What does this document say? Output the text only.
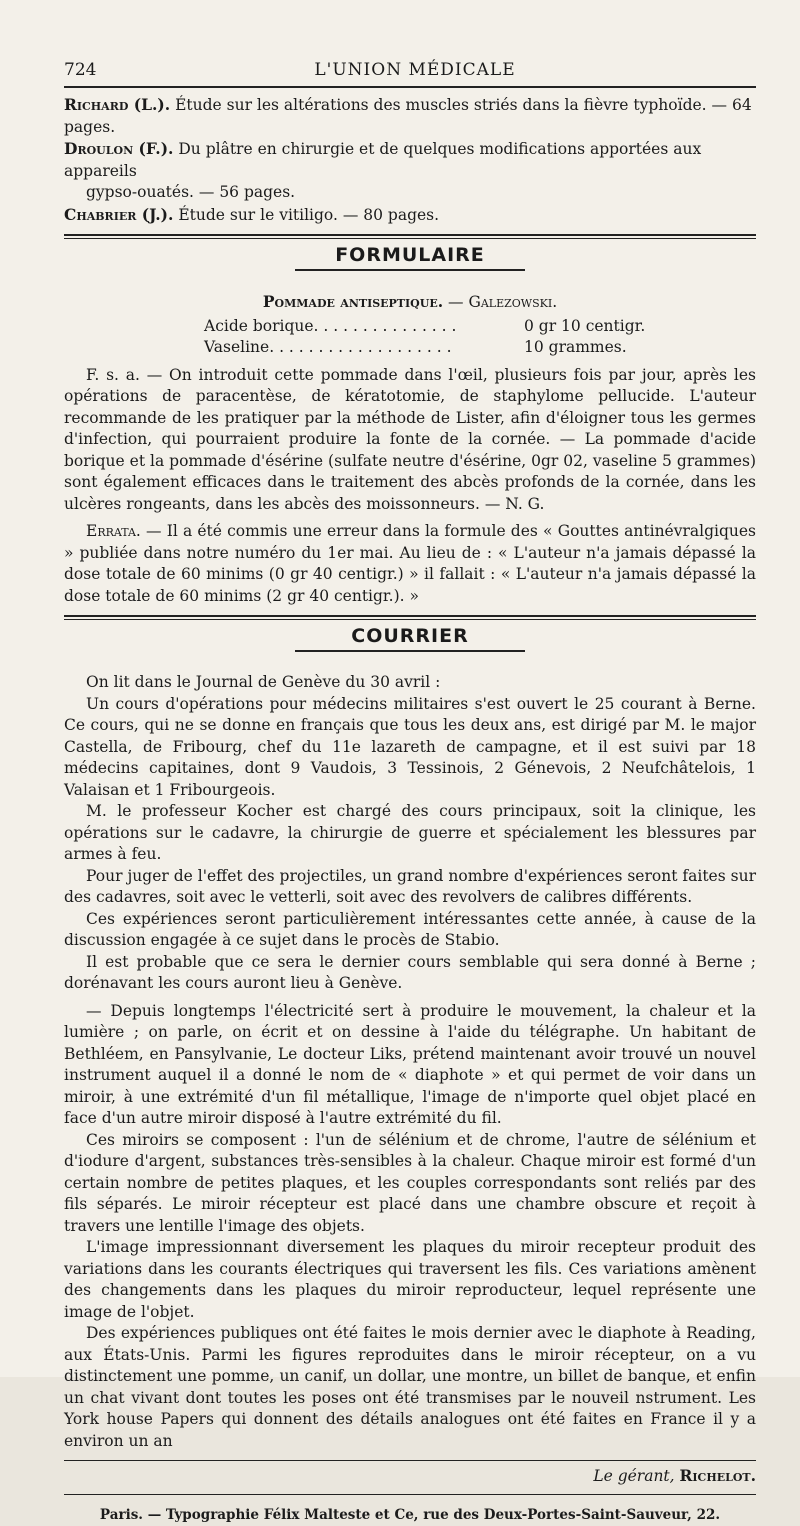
724	L'UNION MÉDICALE

Richard (L.). Étude sur les altérations des muscles striés dans la fièvre typhoïde. — 64 pages.

Droulon (F.). Du plâtre en chirurgie et de quelques modifications apportées aux appareils

gypso-ouatés. — 56 pages.

Chabrier (J.). Étude sur le vitiligo. — 80 pages.

FORMULAIRE
Pommade antiseptique. — Galezowski.
Acide borique. . . . . . . . . . . . . . .	0 gr 10 centigr.
Vaseline. . . . . . . . . . . . . . . . . . .	10 grammes.

F. s. a. — On introduit cette pommade dans l'œil, plusieurs fois par jour, après les opérations de paracentèse, de kératotomie, de staphylome pellucide. L'auteur recommande de les pratiquer par la méthode de Lister, afin d'éloigner tous les germes d'infection, qui pourraient produire la fonte de la cornée. — La pommade d'acide borique et la pommade d'ésérine (sulfate neutre d'ésérine, 0gr 02, vaseline 5 grammes) sont également efficaces dans le traitement des abcès profonds de la cornée, dans les ulcères rongeants, dans les abcès des moissonneurs. — N. G.

Errata. — Il a été commis une erreur dans la formule des « Gouttes antinévralgiques » publiée dans notre numéro du 1er mai. Au lieu de : « L'auteur n'a jamais dépassé la dose totale de 60 minims (0 gr 40 centigr.) » il fallait : « L'auteur n'a jamais dépassé la dose totale de 60 minims (2 gr 40 centigr.). »

COURRIER

On lit dans le Journal de Genève du 30 avril :

Un cours d'opérations pour médecins militaires s'est ouvert le 25 courant à Berne. Ce cours, qui ne se donne en français que tous les deux ans, est dirigé par M. le major Castella, de Fribourg, chef du 11e lazareth de campagne, et il est suivi par 18 médecins capitaines, dont 9 Vaudois, 3 Tessinois, 2 Génevois, 2 Neufchâtelois, 1 Valaisan et 1 Fribourgeois.

M. le professeur Kocher est chargé des cours principaux, soit la clinique, les opérations sur le cadavre, la chirurgie de guerre et spécialement les blessures par armes à feu.

Pour juger de l'effet des projectiles, un grand nombre d'expériences seront faites sur des cadavres, soit avec le vetterli, soit avec des revolvers de calibres différents.

Ces expériences seront particulièrement intéressantes cette année, à cause de la discussion engagée à ce sujet dans le procès de Stabio.

Il est probable que ce sera le dernier cours semblable qui sera donné à Berne ; dorénavant les cours auront lieu à Genève.

— Depuis longtemps l'électricité sert à produire le mouvement, la chaleur et la lumière ; on parle, on écrit et on dessine à l'aide du télégraphe. Un habitant de Bethléem, en Pansylvanie, Le docteur Liks, prétend maintenant avoir trouvé un nouvel instrument auquel il a donné le nom de « diaphote » et qui permet de voir dans un miroir, à une extrémité d'un fil métallique, l'image de n'importe quel objet placé en face d'un autre miroir disposé à l'autre extrémité du fil.

Ces miroirs se composent : l'un de sélénium et de chrome, l'autre de sélénium et d'iodure d'argent, substances très-sensibles à la chaleur. Chaque miroir est formé d'un certain nombre de petites plaques, et les couples correspondants sont reliés par des fils séparés. Le miroir récepteur est placé dans une chambre obscure et reçoit à travers une lentille l'image des objets.

L'image impressionnant diversement les plaques du miroir recepteur produit des variations dans les courants électriques qui traversent les fils. Ces variations amènent des changements dans les plaques du miroir reproducteur, lequel représente une image de l'objet.

Des expériences publiques ont été faites le mois dernier avec le diaphote à Reading, aux États-Unis. Parmi les figures reproduites dans le miroir récepteur, on a vu distinctement une pomme, un canif, un dollar, une montre, un billet de banque, et enfin un chat vivant dont toutes les poses ont été transmises par le nouveil nstrument. Les York house Papers qui donnent des détails analogues ont été faites en France il y a environ un an

Le gérant, Richelot.
Paris. — Typographie Félix Malteste et Ce, rue des Deux-Portes-Saint-Sauveur, 22.
